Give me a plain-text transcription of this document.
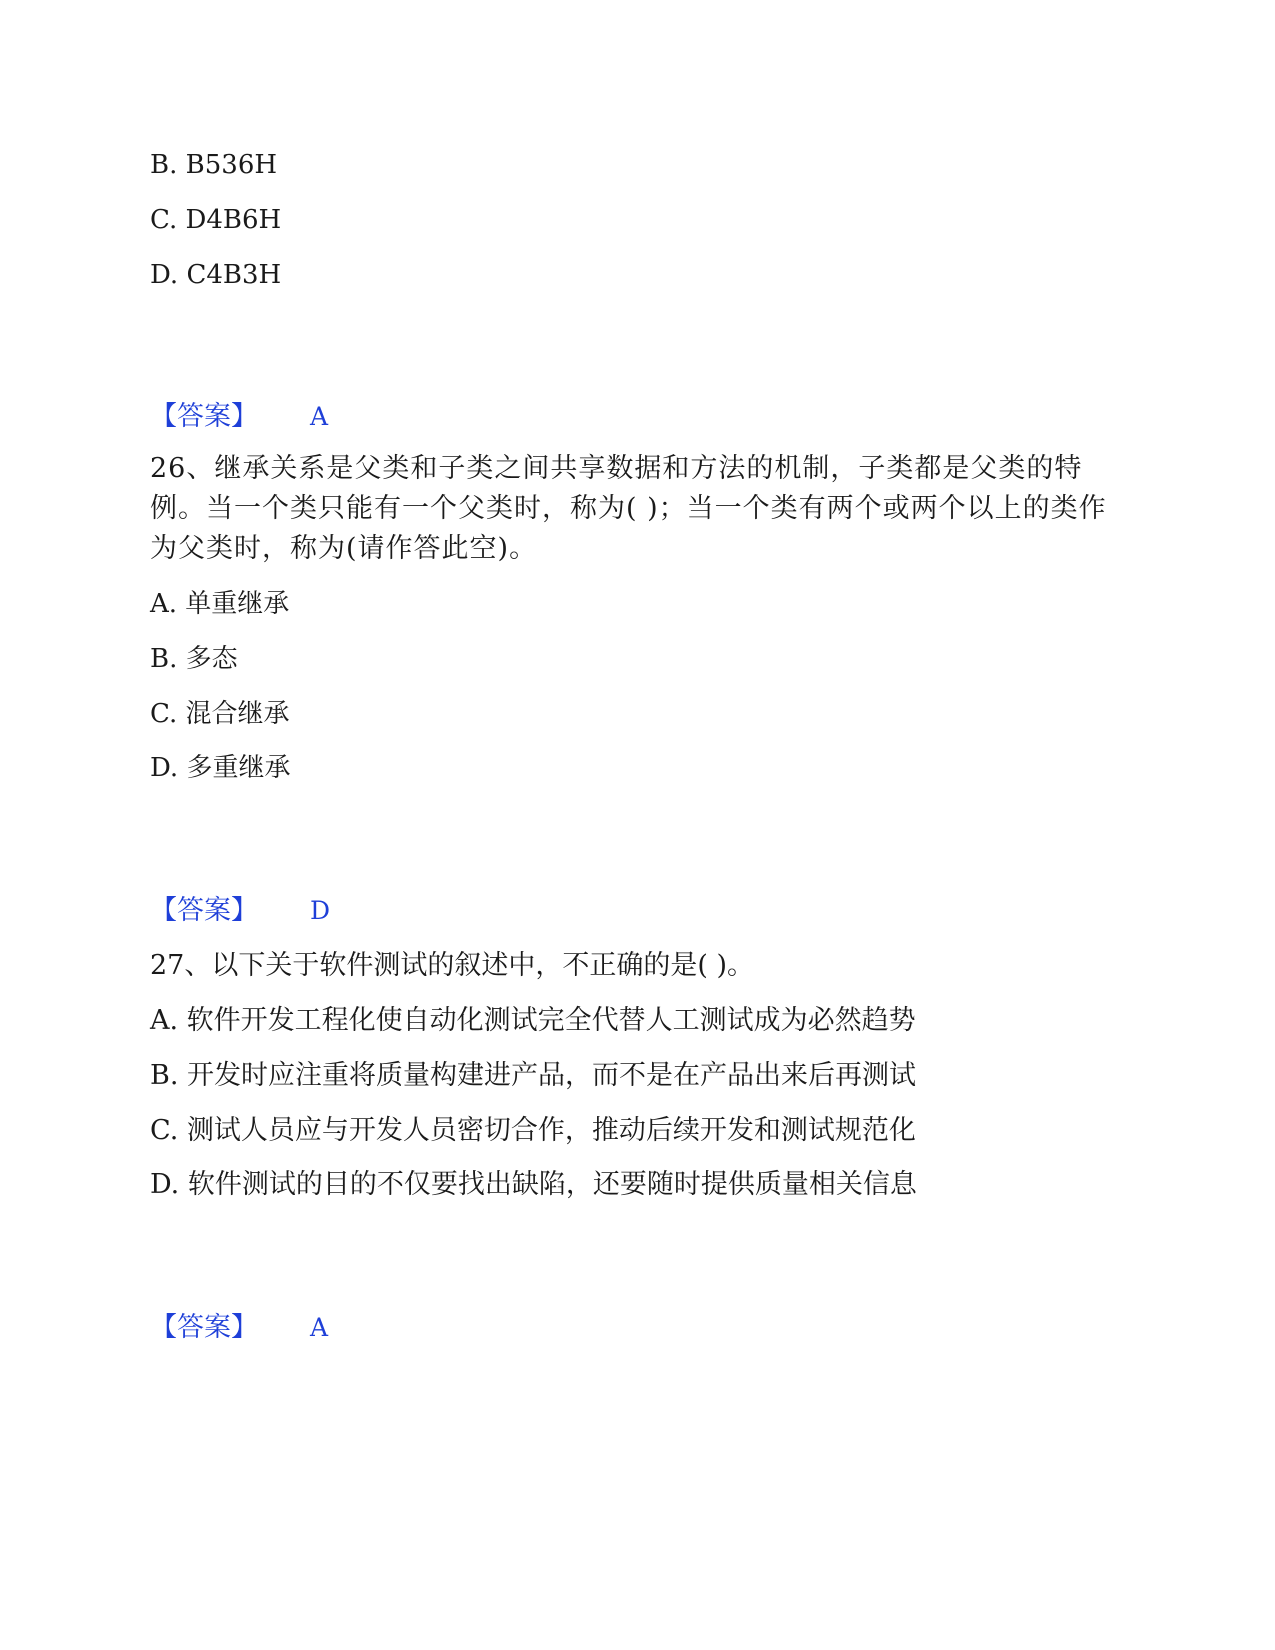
B. B536H
C. D4B6H
D. C4B3H
【答案】 A
26、继承关系是父类和子类之间共享数据和方法的机制，子类都是父类的特例。当一个类只能有一个父类时，称为( )；当一个类有两个或两个以上的类作为父类时，称为(请作答此空)。
A. 单重继承
B. 多态
C. 混合继承
D. 多重继承
【答案】 D
27、以下关于软件测试的叙述中，不正确的是( )。
A. 软件开发工程化使自动化测试完全代替人工测试成为必然趋势
B. 开发时应注重将质量构建进产品，而不是在产品出来后再测试
C. 测试人员应与开发人员密切合作，推动后续开发和测试规范化
D. 软件测试的目的不仅要找出缺陷，还要随时提供质量相关信息
【答案】 A
